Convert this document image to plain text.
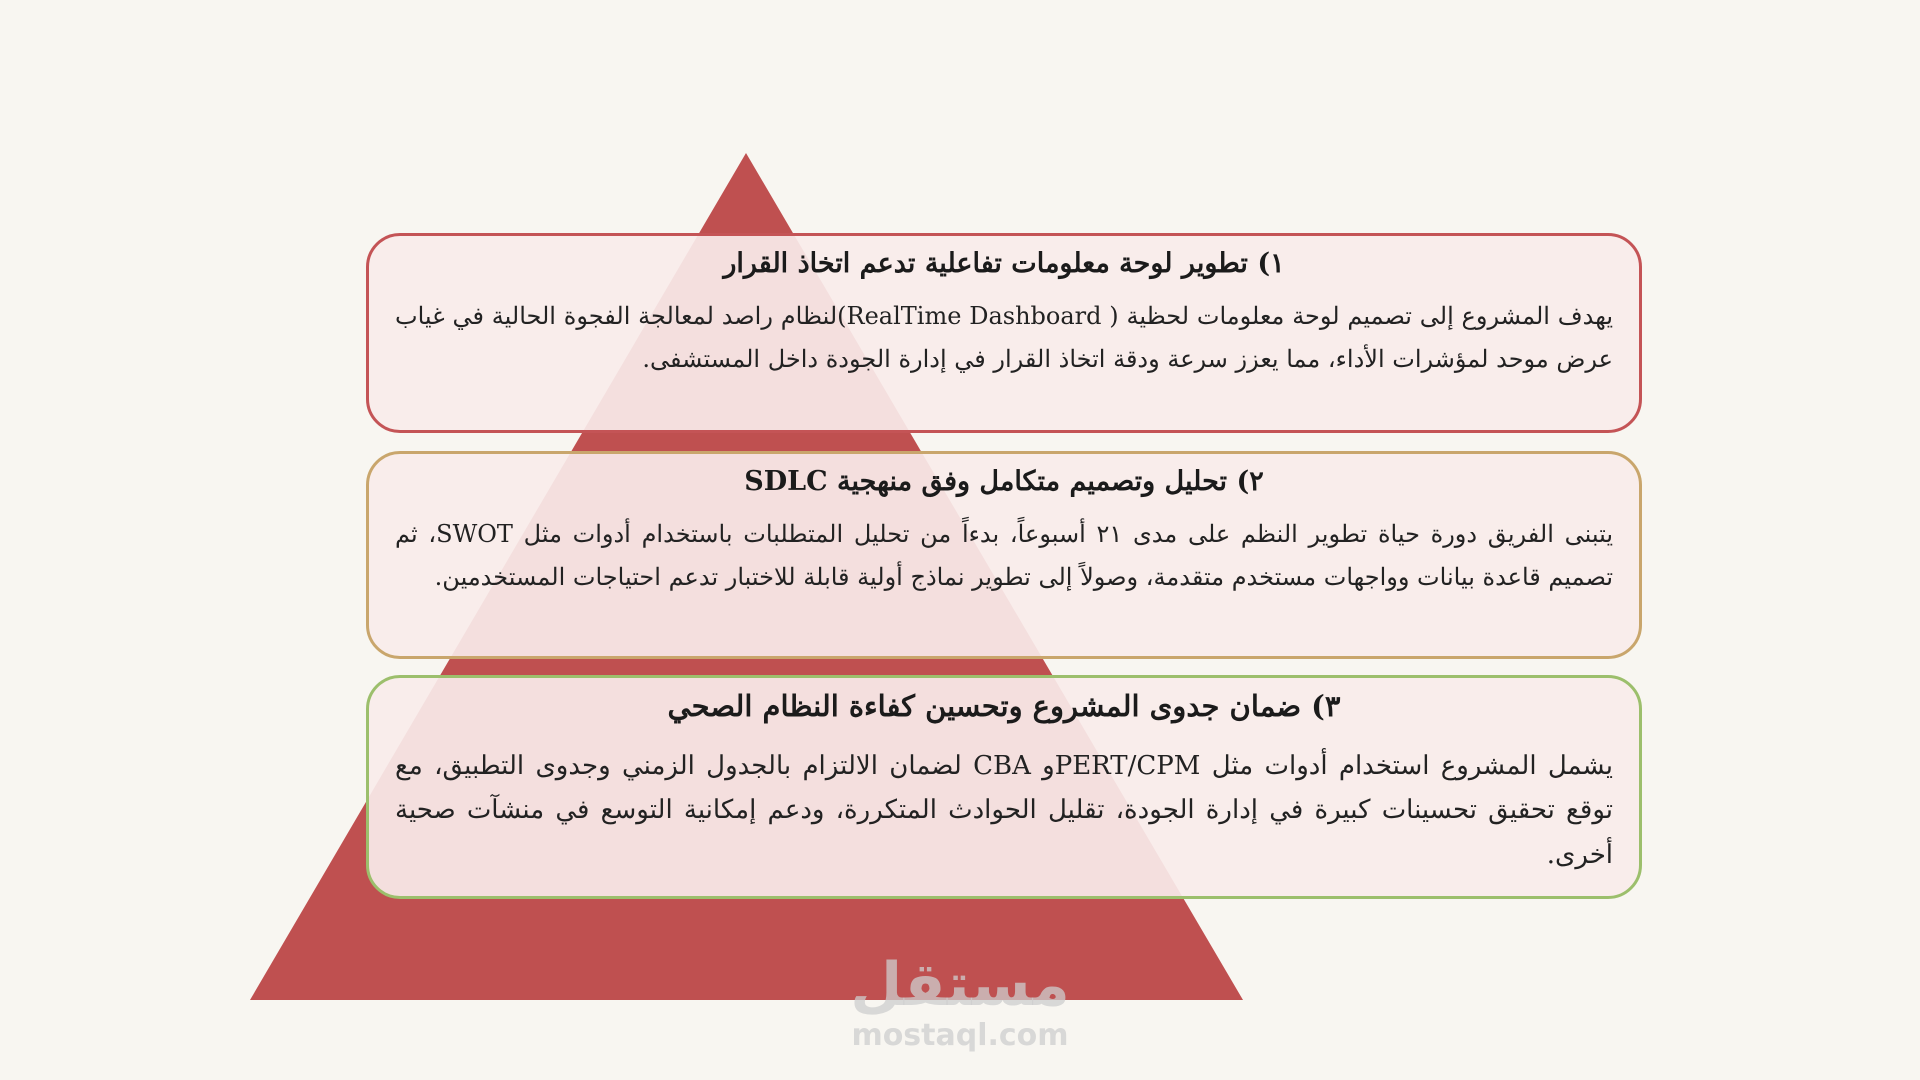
١) تطوير لوحة معلومات تفاعلية تدعم اتخاذ القرار

يهدف المشروع إلى تصميم لوحة معلومات لحظية ( RealTime Dashboard)لنظام راصد لمعالجة الفجوة الحالية في غياب عرض موحد لمؤشرات الأداء، مما يعزز سرعة ودقة اتخاذ القرار في إدارة الجودة داخل المستشفى.

٢) تحليل وتصميم متكامل وفق منهجية SDLC

يتبنى الفريق دورة حياة تطوير النظم على مدى ٢١ أسبوعاً، بدءاً من تحليل المتطلبات باستخدام أدوات مثل SWOT، ثم تصميم قاعدة بيانات وواجهات مستخدم متقدمة، وصولاً إلى تطوير نماذج أولية قابلة للاختبار تدعم احتياجات المستخدمين.

٣) ضمان جدوى المشروع وتحسين كفاءة النظام الصحي

يشمل المشروع استخدام أدوات مثل PERT/CPMو CBA لضمان الالتزام بالجدول الزمني وجدوى التطبيق، مع توقع تحقيق تحسينات كبيرة في إدارة الجودة، تقليل الحوادث المتكررة، ودعم إمكانية التوسع في منشآت صحية أخرى.

مستقل
mostaql.com
